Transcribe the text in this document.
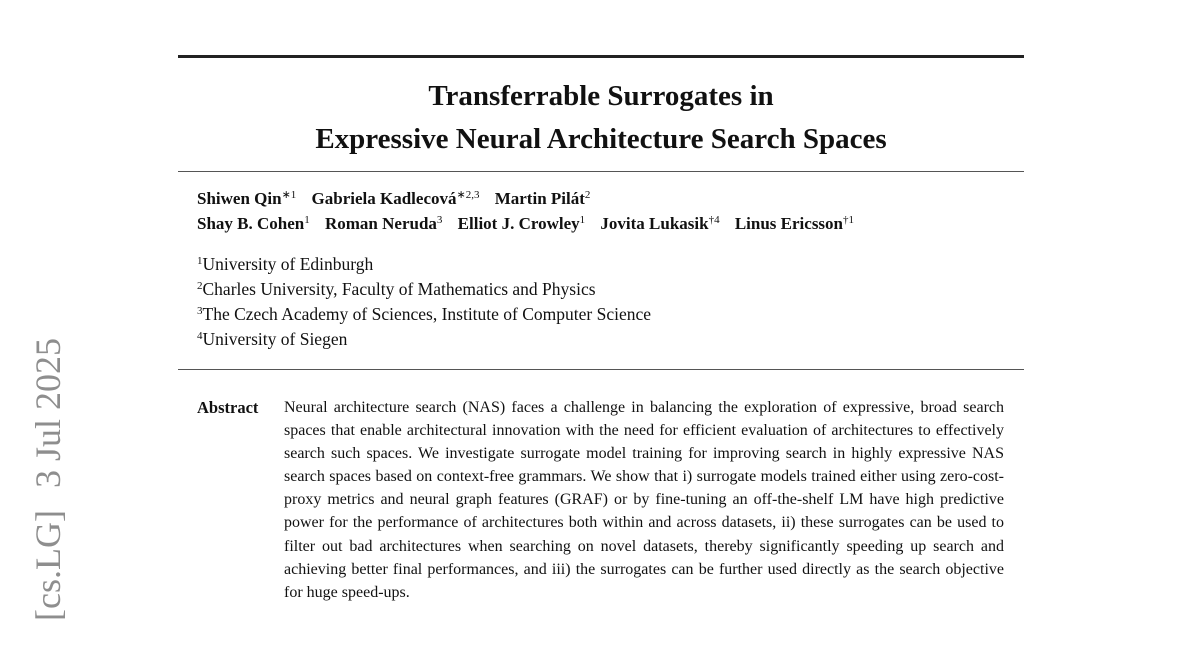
Transferrable Surrogates in
Expressive Neural Architecture Search Spaces
Shiwen Qin$^{∗1}$ Gabriela Kadlecová$^{∗2,3}$ Martin Pilát$^2$
Shay B. Cohen$^1$ Roman Neruda$^3$ Elliot J. Crowley$^1$ Jovita Lukasik$^{\dagger 4}$ Linus Ericsson$^{\dagger 1}$
$^1$University of Edinburgh
$^2$Charles University, Faculty of Mathematics and Physics
$^3$The Czech Academy of Sciences, Institute of Computer Science
$^4$University of Siegen
Abstract Neural architecture search (NAS) faces a challenge in balancing the exploration of expressive, broad search spaces that enable architectural innovation with the need for efficient evaluation of architectures to effectively search such spaces. We investigate surrogate model training for improving search in highly expressive NAS search spaces based on context-free grammars. We show that i) surrogate models trained either using zero-cost-proxy metrics and neural graph features (GRAF) or by fine-tuning an off-the-shelf LM have high predictive power for the performance of architectures both within and across datasets, ii) these surrogates can be used to filter out bad architectures when searching on novel datasets, thereby significantly speeding up search and achieving better final performances, and iii) the surrogates can be further used directly as the search objective for huge speed-ups.
[cs.LG]3 Jul 2025
